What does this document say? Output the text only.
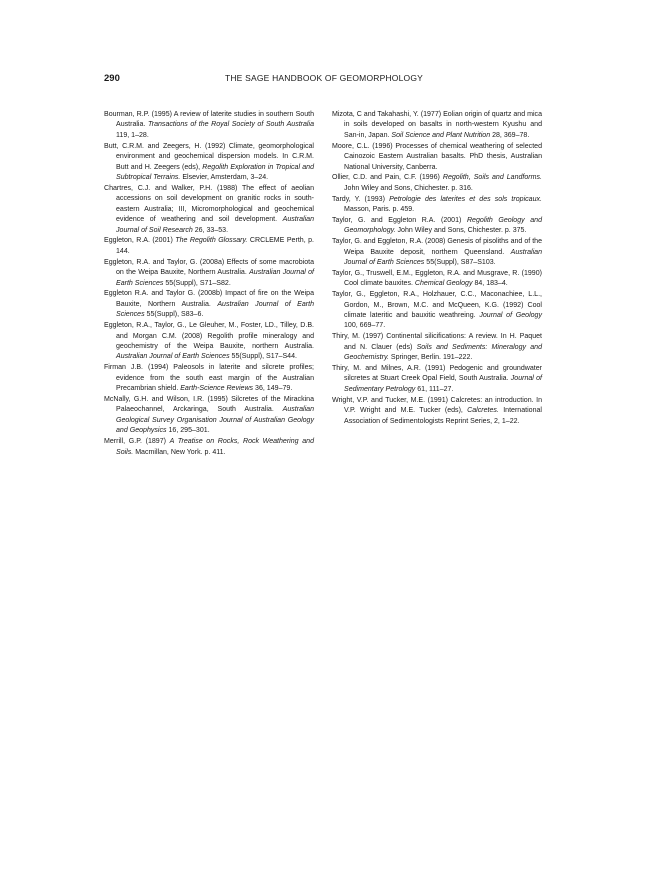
290	THE SAGE HANDBOOK OF GEOMORPHOLOGY

Bourman, R.P. (1995) A review of laterite studies in southern South Australia. Transactions of the Royal Society of South Australia 119, 1–28.

Butt, C.R.M. and Zeegers, H. (1992) Climate, geomorphological environment and geochemical dispersion models. In C.R.M. Butt and H. Zeegers (eds), Regolith Exploration in Tropical and Subtropical Terrains. Elsevier, Amsterdam, 3–24.

Chartres, C.J. and Walker, P.H. (1988) The effect of aeolian accessions on soil development on granitic rocks in south-eastern Australia; III, Micromorphological and geochemical evidence of weathering and soil development. Australian Journal of Soil Research 26, 33–53.

Eggleton, R.A. (2001) The Regolith Glossary. CRCLEME Perth, p. 144.

Eggleton, R.A. and Taylor, G. (2008a) Effects of some macrobiota on the Weipa Bauxite, Northern Australia. Australian Journal of Earth Sciences 55(Suppl), S71–S82.

Eggleton R.A. and Taylor G. (2008b) Impact of fire on the Weipa Bauxite, Northern Australia. Australian Journal of Earth Sciences 55(Suppl), S83–6.

Eggleton, R.A., Taylor, G., Le Gleuher, M., Foster, LD., Tilley, D.B. and Morgan C.M. (2008) Regolith profile mineralogy and geochemistry of the Weipa Bauxite, northern Australia. Australian Journal of Earth Sciences 55(Suppl), S17–S44.

Firman J.B. (1994) Paleosols in laterite and silcrete profiles; evidence from the south east margin of the Australian Precambrian shield. Earth-Science Reviews 36, 149–79.

McNally, G.H. and Wilson, I.R. (1995) Silcretes of the Mirackina Palaeochannel, Arckaringa, South Australia. Australian Geological Survey Organisation Journal of Australian Geology and Geophysics 16, 295–301.

Merrill, G.P. (1897) A Treatise on Rocks, Rock Weathering and Soils. Macmillan, New York. p. 411.

Mizota, C and Takahashi, Y. (1977) Eolian origin of quartz and mica in soils developed on basalts in north-western Kyushu and San-in, Japan. Soil Science and Plant Nutrition 28, 369–78.

Moore, C.L. (1996) Processes of chemical weathering of selected Cainozoic Eastern Australian basalts. PhD thesis, Australian National University, Canberra.

Ollier, C.D. and Pain, C.F. (1996) Regolith, Soils and Landforms. John Wiley and Sons, Chichester. p. 316.

Tardy, Y. (1993) Petrologie des laterites et des sols tropicaux. Masson, Paris. p. 459.

Taylor, G. and Eggleton R.A. (2001) Regolith Geology and Geomorphology. John Wiley and Sons, Chichester. p. 375.

Taylor, G. and Eggleton, R.A. (2008) Genesis of pisoliths and of the Weipa Bauxite deposit, northern Queensland. Australian Journal of Earth Sciences 55(Suppl), S87–S103.

Taylor, G., Truswell, E.M., Eggleton, R.A. and Musgrave, R. (1990) Cool climate bauxites. Chemical Geology 84, 183–4.

Taylor, G., Eggleton, R.A., Holzhauer, C.C., Maconachiee, L.L., Gordon, M., Brown, M.C. and McQueen, K.G. (1992) Cool climate lateritic and bauxitic weathreing. Journal of Geology 100, 669–77.

Thiry, M. (1997) Continental silicifications: A review. In H. Paquet and N. Clauer (eds) Soils and Sediments: Mineralogy and Geochemistry. Springer, Berlin. 191–222.

Thiry, M. and Milnes, A.R. (1991) Pedogenic and groundwater silcretes at Stuart Creek Opal Field, South Australia. Journal of Sedimentary Petrology 61, 111–27.

Wright, V.P. and Tucker, M.E. (1991) Calcretes: an introduction. In V.P. Wright and M.E. Tucker (eds), Calcretes. International Association of Sedimentologists Reprint Series, 2, 1–22.
